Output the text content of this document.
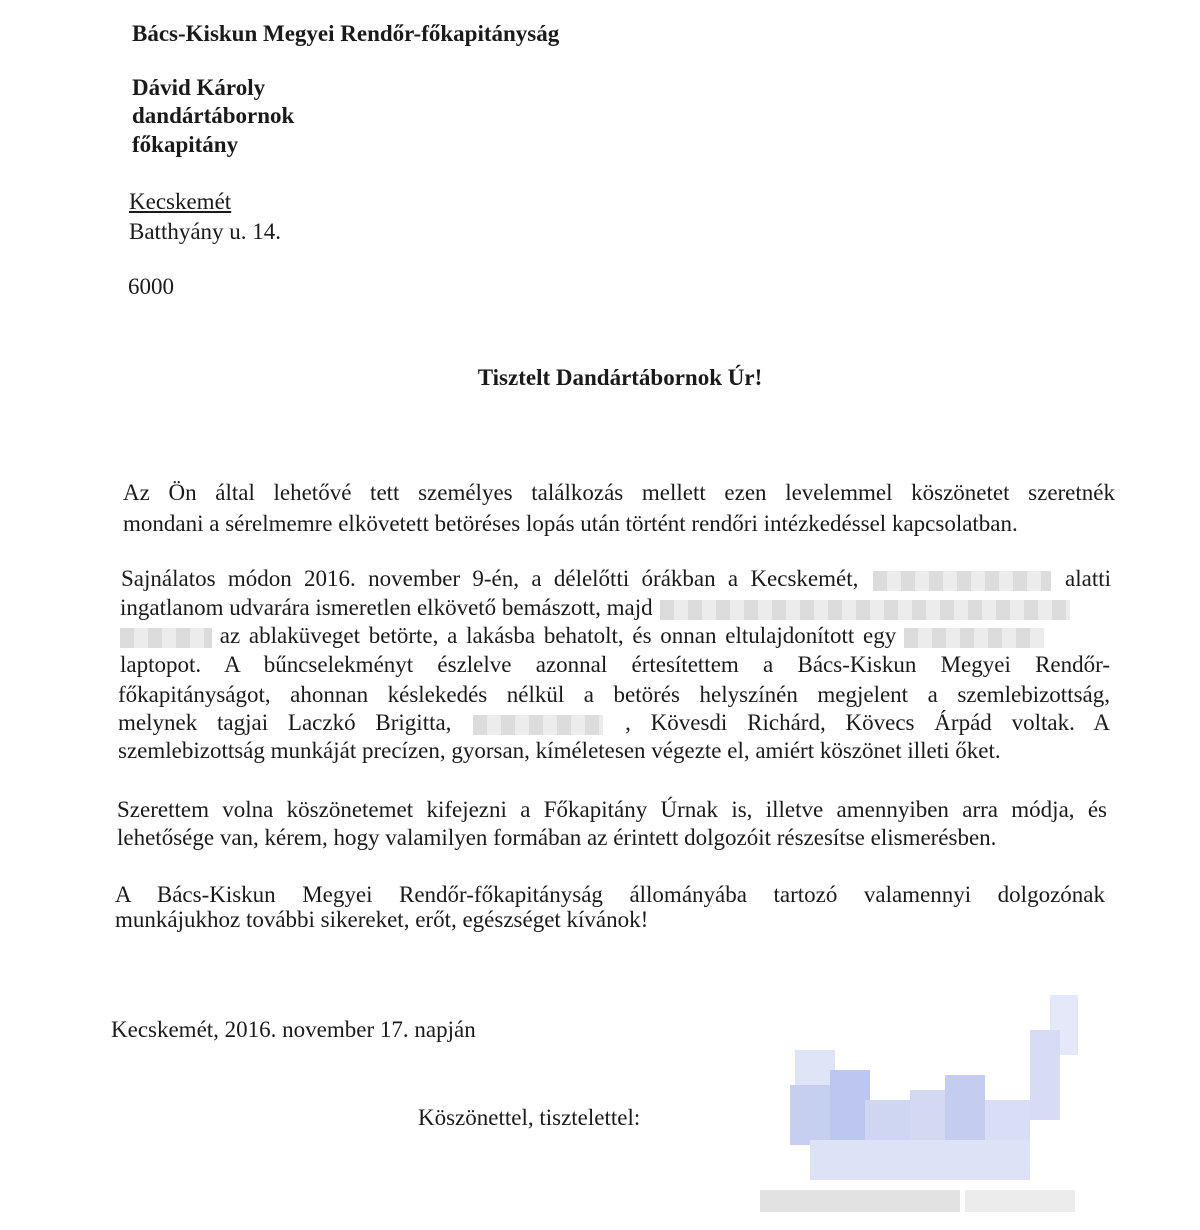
Bács-Kiskun Megyei Rendőr-főkapitányság
Dávid Károly
dandártábornok
főkapitány
Kecskemét
Batthyány u. 14.
6000
Tisztelt Dandártábornok Úr!
Az Ön által lehetővé tett személyes találkozás mellett ezen levelemmel köszönetet szeretnék
mondani a sérelmemre elkövetett betöréses lopás után történt rendőri intézkedéssel kapcsolatban.
Sajnálatos módon 2016. november 9-én, a délelőtti órákban a Kecskemét,	alatti
ingatlanom udvarára ismeretlen elkövető bemászott, majd
az ablaküveget betörte, a lakásba behatolt, és onnan eltulajdonított egy
laptopot. A bűncselekményt észlelve azonnal értesítettem a Bács-Kiskun Megyei Rendőr-
főkapitányságot, ahonnan késlekedés nélkül a betörés helyszínén megjelent a szemlebizottság,
melynek tagjai Laczkó Brigitta,	, Kövesdi Richárd, Kövecs Árpád voltak. A
szemlebizottság munkáját precízen, gyorsan, kíméletesen végezte el, amiért köszönet illeti őket.
Szerettem volna köszönetemet kifejezni a Főkapitány Úrnak is, illetve amennyiben arra módja, és
lehetősége van, kérem, hogy valamilyen formában az érintett dolgozóit részesítse elismerésben.
A Bács-Kiskun Megyei Rendőr-főkapitányság állományába tartozó valamennyi dolgozónak
munkájukhoz további sikereket, erőt, egészséget kívánok!
Kecskemét, 2016. november 17. napján
Köszönettel, tisztelettel:
